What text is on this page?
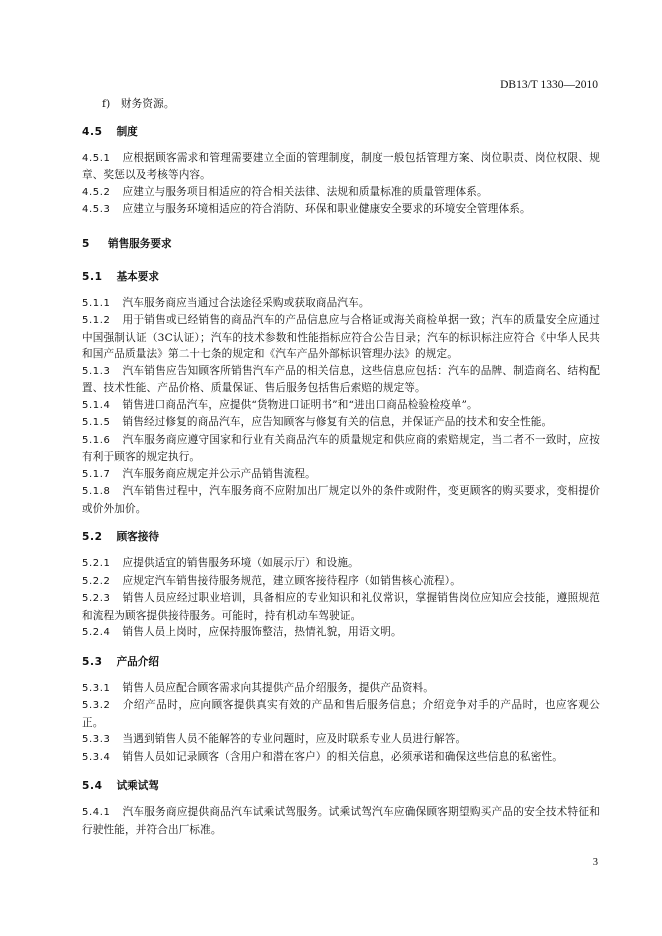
DB13/T 1330—2010

f) 财务资源。

4.5 制度

4.5.1 应根据顾客需求和管理需要建立全面的管理制度，制度一般包括管理方案、岗位职责、岗位权限、规章、奖惩以及考核等内容。

4.5.2 应建立与服务项目相适应的符合相关法律、法规和质量标准的质量管理体系。

4.5.3 应建立与服务环境相适应的符合消防、环保和职业健康安全要求的环境安全管理体系。

5 销售服务要求
5.1 基本要求

5.1.1 汽车服务商应当通过合法途径采购或获取商品汽车。

5.1.2 用于销售或已经销售的商品汽车的产品信息应与合格证或海关商检单据一致；汽车的质量安全应通过中国强制认证（3C认证）；汽车的技术参数和性能指标应符合公告目录；汽车的标识标注应符合《中华人民共和国产品质量法》第二十七条的规定和《汽车产品外部标识管理办法》的规定。

5.1.3 汽车销售应告知顾客所销售汽车产品的相关信息，这些信息应包括：汽车的品牌、制造商名、结构配置、技术性能、产品价格、质量保证、售后服务包括售后索赔的规定等。

5.1.4 销售进口商品汽车，应提供“货物进口证明书”和“进出口商品检验检疫单”。

5.1.5 销售经过修复的商品汽车，应告知顾客与修复有关的信息，并保证产品的技术和安全性能。

5.1.6 汽车服务商应遵守国家和行业有关商品汽车的质量规定和供应商的索赔规定，当二者不一致时，应按有利于顾客的规定执行。

5.1.7 汽车服务商应规定并公示产品销售流程。

5.1.8 汽车销售过程中，汽车服务商不应附加出厂规定以外的条件或附件，变更顾客的购买要求，变相提价或价外加价。

5.2 顾客接待

5.2.1 应提供适宜的销售服务环境（如展示厅）和设施。

5.2.2 应规定汽车销售接待服务规范，建立顾客接待程序（如销售核心流程）。

5.2.3 销售人员应经过职业培训，具备相应的专业知识和礼仪常识，掌握销售岗位应知应会技能，遵照规范和流程为顾客提供接待服务。可能时，持有机动车驾驶证。

5.2.4 销售人员上岗时，应保持服饰整洁，热情礼貌，用语文明。

5.3 产品介绍

5.3.1 销售人员应配合顾客需求向其提供产品介绍服务，提供产品资料。

5.3.2 介绍产品时，应向顾客提供真实有效的产品和售后服务信息；介绍竞争对手的产品时，也应客观公正。

5.3.3 当遇到销售人员不能解答的专业问题时，应及时联系专业人员进行解答。

5.3.4 销售人员如记录顾客（含用户和潜在客户）的相关信息，必须承诺和确保这些信息的私密性。

5.4 试乘试驾

5.4.1 汽车服务商应提供商品汽车试乘试驾服务。试乘试驾汽车应确保顾客期望购买产品的安全技术特征和行驶性能，并符合出厂标准。

3
